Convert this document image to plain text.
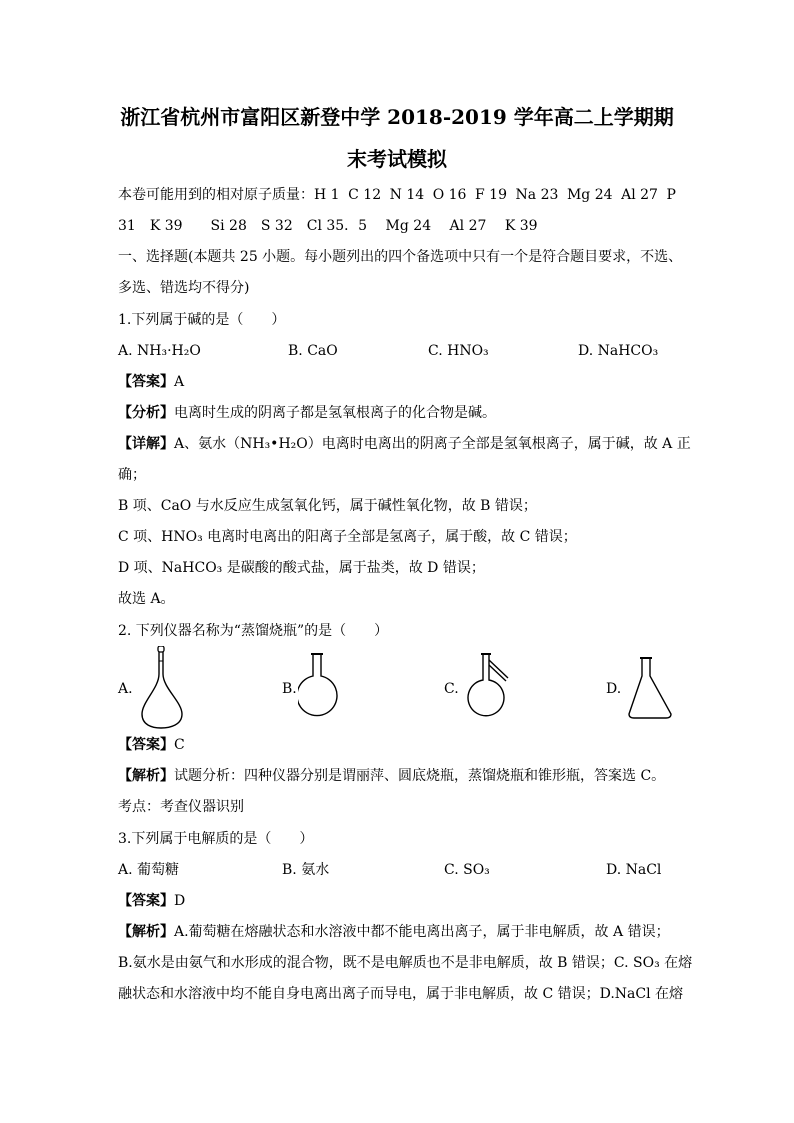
浙江省杭州市富阳区新登中学 2018-2019 学年高二上学期期
末考试模拟
本卷可能用到的相对原子质量：H 1 C 12 N 14 O 16 F 19 Na 23 Mg 24 Al 27 P
31　K 39　　Si 28　S 32　Cl 35．5　 Mg 24　 Al 27　 K 39
一、选择题(本题共 25 小题。每小题列出的四个备选项中只有一个是符合题目要求，不选、
多选、错选均不得分)
1.下列属于碱的是（　　）
A. NH₃·H₂O	B. CaO	C. HNO₃	D. NaHCO₃
【答案】A
【分析】电离时生成的阴离子都是氢氧根离子的化合物是碱。
【详解】A、氨水（NH₃•H₂O）电离时电离出的阴离子全部是氢氧根离子，属于碱，故 A 正
确；
B 项、CaO 与水反应生成氢氧化钙，属于碱性氧化物，故 B 错误；
C 项、HNO₃ 电离时电离出的阳离子全部是氢离子，属于酸，故 C 错误；
D 项、NaHCO₃ 是碳酸的酸式盐，属于盐类，故 D 错误；
故选 A。
2. 下列仪器名称为“蒸馏烧瓶”的是（　　）
A.	B.	C.	D.
【答案】C
【解析】试题分析：四种仪器分别是谓丽萍、圆底烧瓶，蒸馏烧瓶和锥形瓶，答案选 C。
考点：考查仪器识别
3.下列属于电解质的是（　　）
A. 葡萄糖	B. 氨水	C. SO₃	D. NaCl
【答案】D
【解析】A.葡萄糖在熔融状态和水溶液中都不能电离出离子，属于非电解质，故 A 错误；
B.氨水是由氨气和水形成的混合物，既不是电解质也不是非电解质，故 B 错误；C. SO₃ 在熔
融状态和水溶液中均不能自身电离出离子而导电，属于非电解质，故 C 错误；D.NaCl 在熔
